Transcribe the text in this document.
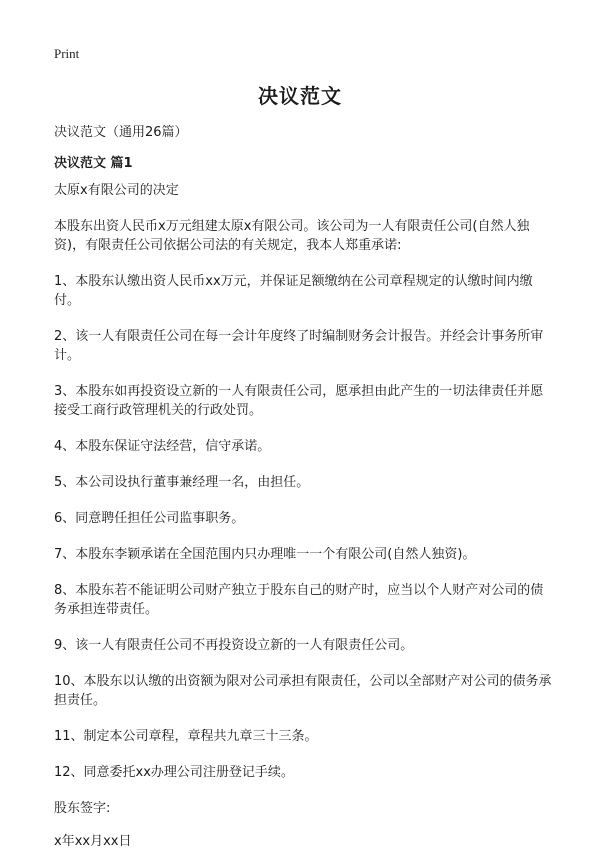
Print
决议范文
决议范文（通用26篇）
决议范文 篇1

太原x有限公司的决定

本股东出资人民币x万元组建太原x有限公司。该公司为一人有限责任公司(自然人独资)，有限责任公司依据公司法的有关规定，我本人郑重承诺:

1、本股东认缴出资人民币xx万元，并保证足额缴纳在公司章程规定的认缴时间内缴付。

2、该一人有限责任公司在每一会计年度终了时编制财务会计报告。并经会计事务所审计。

3、本股东如再投资设立新的一人有限责任公司，愿承担由此产生的一切法律责任并愿接受工商行政管理机关的行政处罚。

4、本股东保证守法经营，信守承诺。

5、本公司设执行董事兼经理一名，由担任。

6、同意聘任担任公司监事职务。

7、本股东李颖承诺在全国范围内只办理唯一一个有限公司(自然人独资)。

8、本股东若不能证明公司财产独立于股东自己的财产时，应当以个人财产对公司的债务承担连带责任。

9、该一人有限责任公司不再投资设立新的一人有限责任公司。

10、本股东以认缴的出资额为限对公司承担有限责任，公司以全部财产对公司的债务承担责任。

11、制定本公司章程，章程共九章三十三条。

12、同意委托xx办理公司注册登记手续。

股东签字:

x年xx月xx日
